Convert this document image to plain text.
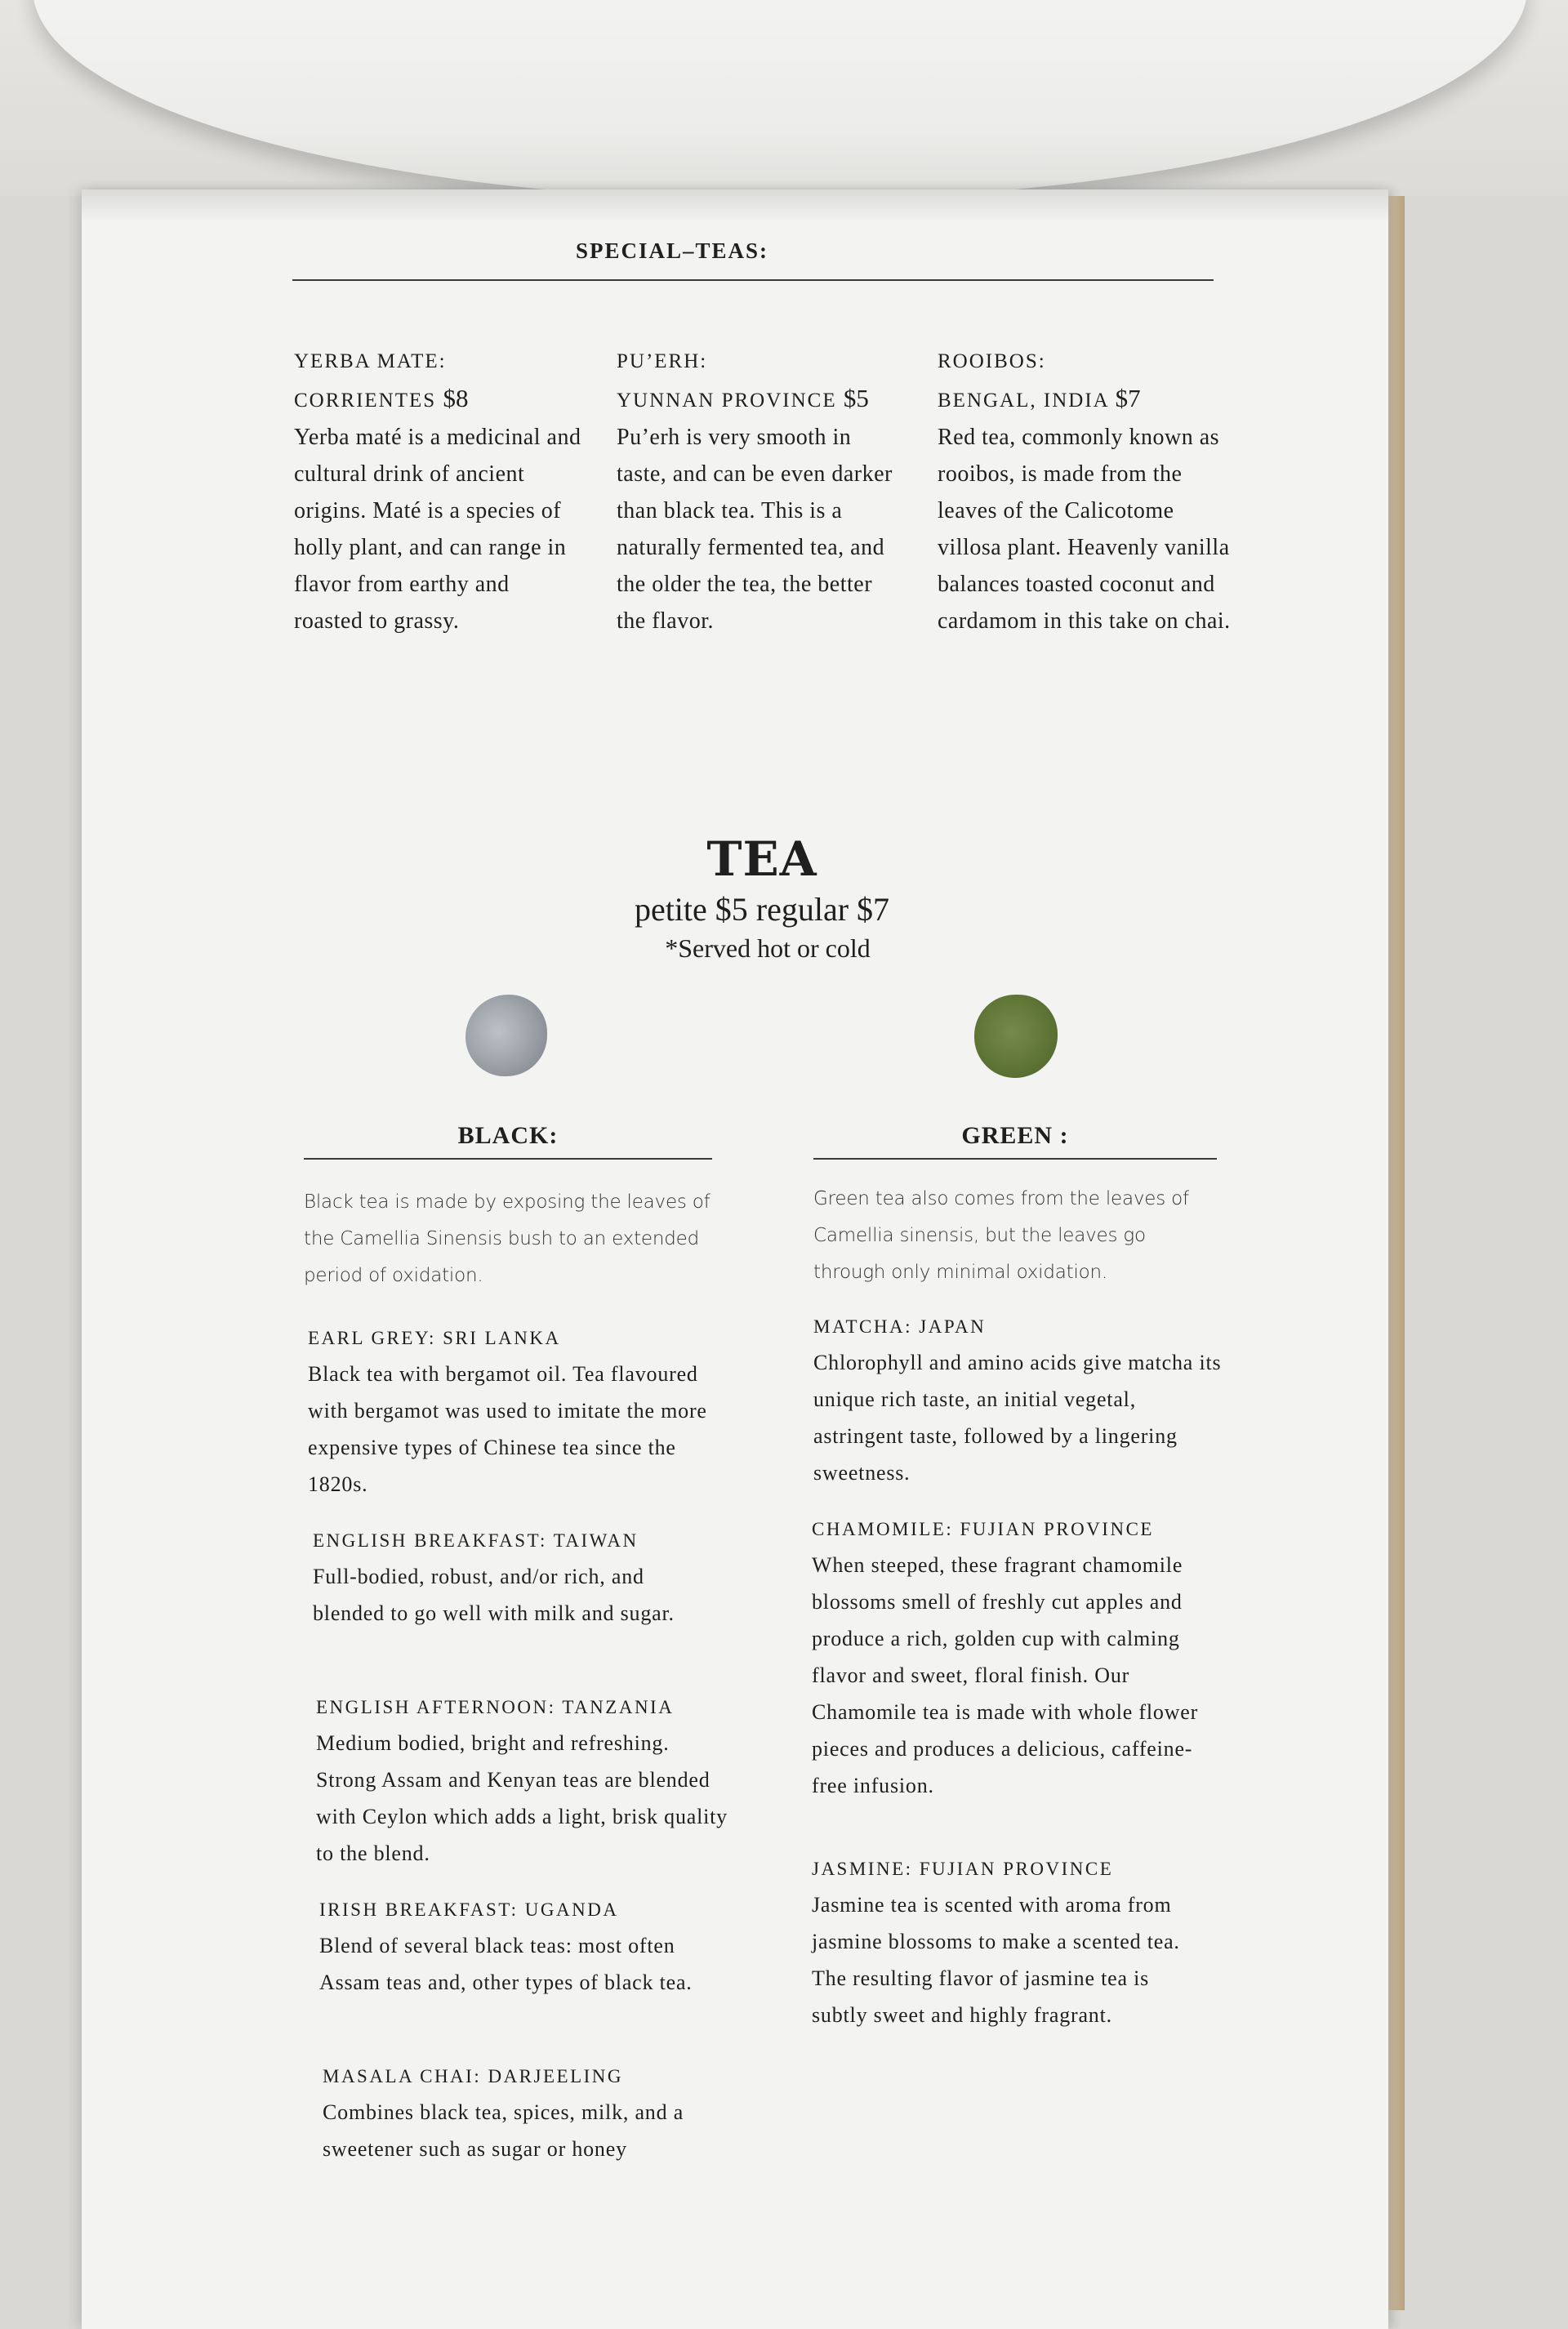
SPECIAL–TEAS:
YERBA MATE:
CORRIENTES $8
Yerba maté is a medicinal and cultural drink of ancient origins. Maté is a species of holly plant, and can range in flavor from earthy and roasted to grassy.
PU’ERH:
YUNNAN PROVINCE $5
Pu’erh is very smooth in taste, and can be even darker than black tea. This is a naturally fermented tea, and the older the tea, the better the flavor.
ROOIBOS:
BENGAL, INDIA $7
Red tea, commonly known as rooibos, is made from the leaves of the Calicotome villosa plant. Heavenly vanilla balances toasted coconut and cardamom in this take on chai.
TEA
petite $5 regular $7
*Served hot or cold
BLACK:
Black tea is made by exposing the leaves of the Camellia Sinensis bush to an extended period of oxidation.
EARL GREY: SRI LANKA
Black tea with bergamot oil. Tea flavoured with bergamot was used to imitate the more expensive types of Chinese tea since the 1820s.
ENGLISH BREAKFAST: TAIWAN
Full-bodied, robust, and/or rich, and blended to go well with milk and sugar.
ENGLISH AFTERNOON: TANZANIA
Medium bodied, bright and refreshing. Strong Assam and Kenyan teas are blended with Ceylon which adds a light, brisk quality to the blend.
IRISH BREAKFAST: UGANDA
Blend of several black teas: most often Assam teas and, other types of black tea.
MASALA CHAI: DARJEELING
Combines black tea, spices, milk, and a sweetener such as sugar or honey
GREEN :
Green tea also comes from the leaves of Camellia sinensis, but the leaves go through only minimal oxidation.
MATCHA: JAPAN
Chlorophyll and amino acids give matcha its unique rich taste, an initial vegetal, astringent taste, followed by a lingering sweetness.
CHAMOMILE: FUJIAN PROVINCE
When steeped, these fragrant chamomile blossoms smell of freshly cut apples and produce a rich, golden cup with calming flavor and sweet, floral finish. Our Chamomile tea is made with whole flower pieces and produces a delicious, caffeine-free infusion.
JASMINE: FUJIAN PROVINCE
Jasmine tea is scented with aroma from jasmine blossoms to make a scented tea. The resulting flavor of jasmine tea is subtly sweet and highly fragrant.
